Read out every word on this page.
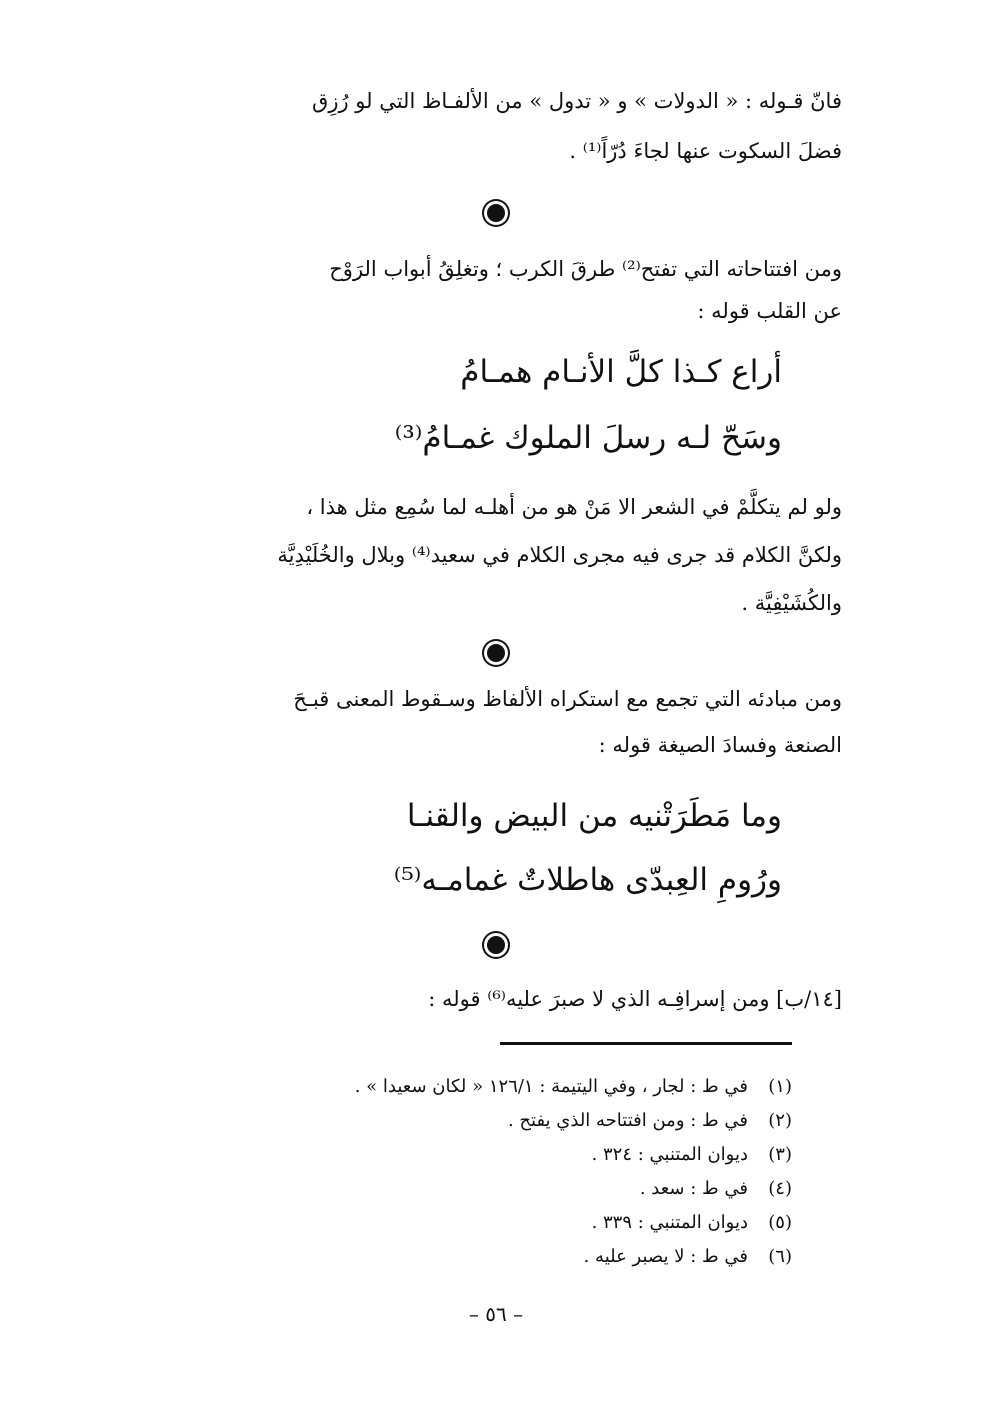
فانّ قـوله : « الدولات » و « تدول » من الألفـاظ التي لو رُزِق
فضلَ السكوت عنها لجاءَ دُرّاً⁽¹⁾ .
ومن افتتاحاته التي تفتح⁽²⁾ طرقَ الكرب ؛ وتغلِقُ أبواب الرَوْح
عن القلب قوله :
أراع كـذا كلَّ الأنـام همـامُ
وسَحّ لـه رسلَ الملوك غمـامُ⁽³⁾
ولو لم يتكلَّمْ في الشعر الا مَنْ هو من أهلـه لما سُمِع مثل هذا ،
ولكنَّ الكلام قد جرى فيه مجرى الكلام في سعيد⁽⁴⁾ وبلال والخُلَيْدِيَّة
والكُشَيْفِيَّة .
ومن مبادئه التي تجمع مع استكراه الألفاظ وسـقوط المعنى قبـحَ
الصنعة وفسادَ الصيغة قوله :
وما مَطَرَتْنيه من البيض والقنـا
ورُومِ العِبدّى هاطلاتٌ غمامـه⁽⁵⁾
[١٤/ب] ومن إسرافِـه الذي لا صبرَ عليه⁽⁶⁾ قوله :
(١)في ط : لجار ، وفي اليتيمة : ١٢٦/١ « لكان سعيدا » .
(٢)في ط : ومن افتتاحه الذي يفتح .
(٣)ديوان المتنبي : ٣٢٤ .
(٤)في ط : سعد .
(٥)ديوان المتنبي : ٣٣٩ .
(٦)في ط : لا يصبر عليه .
– ٥٦ –
